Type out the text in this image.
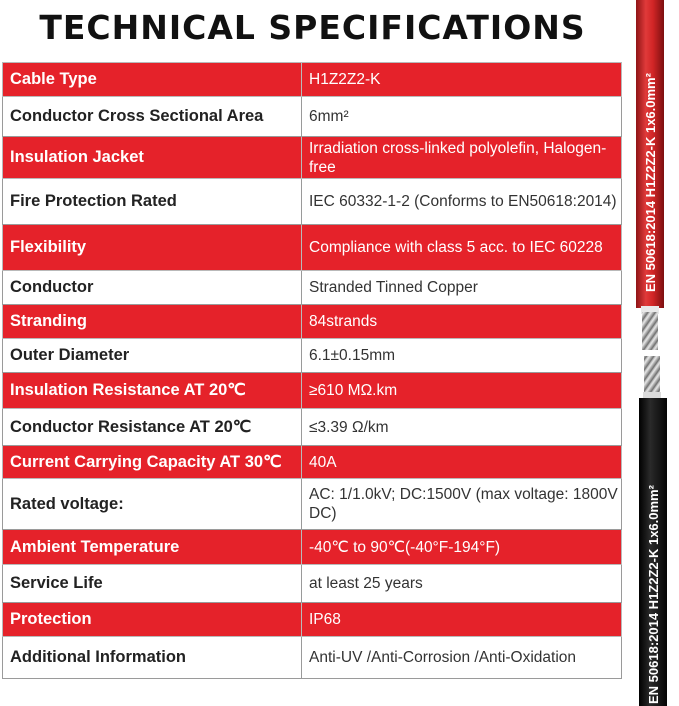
TECHNICAL SPECIFICATIONS
Cable Type	H1Z2Z2-K
Conductor Cross Sectional Area	6mm²
Insulation Jacket	Irradiation cross-linked polyolefin, Halogen-free
Fire Protection Rated	IEC 60332-1-2 (Conforms to EN50618:2014)
Flexibility	Compliance with class 5 acc. to IEC 60228
Conductor	Stranded Tinned Copper
Stranding	84strands
Outer Diameter	6.1±0.15mm
Insulation Resistance AT 20℃	≥610 MΩ.km
Conductor Resistance AT 20℃	≤3.39 Ω/km
Current Carrying Capacity AT 30℃	40A
Rated voltage:	AC: 1/1.0kV; DC:1500V (max voltage: 1800V DC)
Ambient Temperature	-40℃ to 90℃(-40°F-194°F)
Service Life	at least 25 years
Protection	IP68
Additional Information	Anti-UV /Anti-Corrosion /Anti-Oxidation
EN 50618:2014 H1Z2Z2-K 1x6.0mm²
EN 50618:2014 H1Z2Z2-K 1x6.0mm²
